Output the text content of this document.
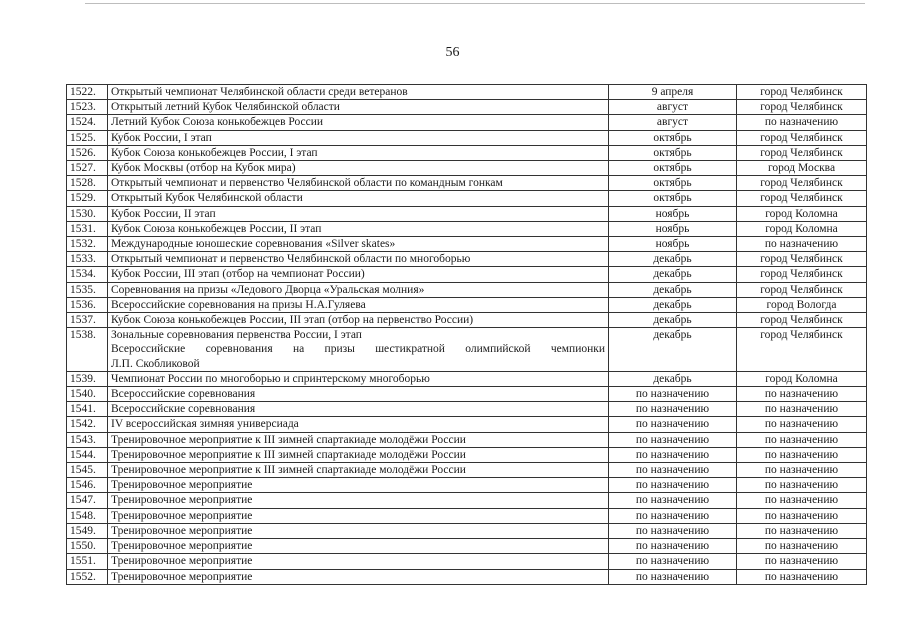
56
1522.	Открытый чемпионат Челябинской области среди ветеранов	9 апреля	город Челябинск
1523.	Открытый летний Кубок Челябинской области	август	город Челябинск
1524.	Летний Кубок Союза конькобежцев России	август	по назначению
1525.	Кубок России, I этап	октябрь	город Челябинск
1526.	Кубок Союза конькобежцев России, I этап	октябрь	город Челябинск
1527.	Кубок Москвы (отбор на Кубок мира)	октябрь	город Москва
1528.	Открытый чемпионат и первенство Челябинской области по командным гонкам	октябрь	город Челябинск
1529.	Открытый Кубок Челябинской области	октябрь	город Челябинск
1530.	Кубок России, II этап	ноябрь	город Коломна
1531.	Кубок Союза конькобежцев России, II этап	ноябрь	город Коломна
1532.	Международные юношеские соревнования «Silver skates»	ноябрь	по назначению
1533.	Открытый чемпионат и первенство Челябинской области по многоборью	декабрь	город Челябинск
1534.	Кубок России, III этап (отбор на чемпионат России)	декабрь	город Челябинск
1535.	Соревнования на призы «Ледового Дворца «Уральская молния»	декабрь	город Челябинск
1536.	Всероссийские соревнования на призы Н.А.Гуляева	декабрь	город Вологда
1537.	Кубок Союза конькобежцев России, III этап (отбор на первенство России)	декабрь	город Челябинск
1538.	Зональные соревнования первенства России, I этап
Всероссийские соревнования на призы шестикратной олимпийской чемпионки
Л.П. Скобликовой	декабрь	город Челябинск
1539.	Чемпионат России по многоборью и спринтерскому многоборью	декабрь	город Коломна
1540.	Всероссийские соревнования	по назначению	по назначению
1541.	Всероссийские соревнования	по назначению	по назначению
1542.	IV всероссийская зимняя универсиада	по назначению	по назначению
1543.	Тренировочное мероприятие к III зимней спартакиаде молодёжи России	по назначению	по назначению
1544.	Тренировочное мероприятие к III зимней спартакиаде молодёжи России	по назначению	по назначению
1545.	Тренировочное мероприятие к III зимней спартакиаде молодёжи России	по назначению	по назначению
1546.	Тренировочное мероприятие	по назначению	по назначению
1547.	Тренировочное мероприятие	по назначению	по назначению
1548.	Тренировочное мероприятие	по назначению	по назначению
1549.	Тренировочное мероприятие	по назначению	по назначению
1550.	Тренировочное мероприятие	по назначению	по назначению
1551.	Тренировочное мероприятие	по назначению	по назначению
1552.	Тренировочное мероприятие	по назначению	по назначению
